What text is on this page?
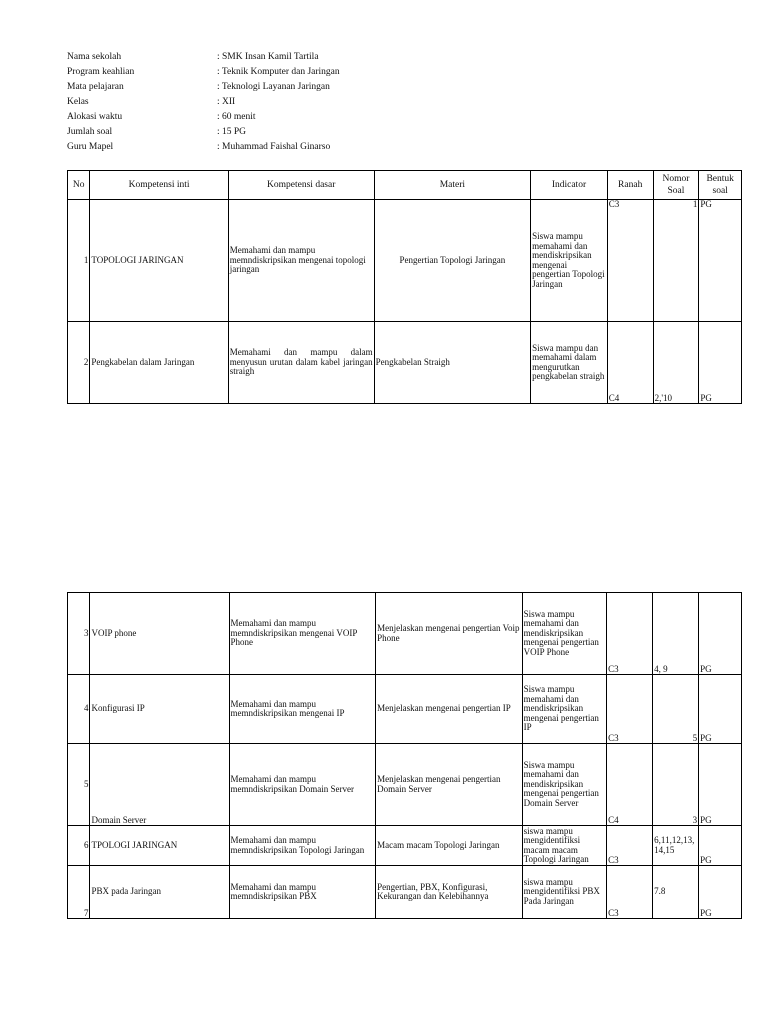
Nama sekolah	: SMK Insan Kamil Tartila
Program keahlian	: Teknik Komputer dan Jaringan
Mata pelajaran	: Teknologi Layanan Jaringan
Kelas	: XII
Alokasi waktu	: 60 menit
Jumlah soal	: 15 PG
Guru Mapel	: Muhammad Faishal Ginarso
No	Kompetensi inti	Kompetensi dasar	Materi	Indicator	Ranah	Nomor Soal	Bentuk soal
1	TOPOLOGI JARINGAN	Memahami dan mampu memndiskripsikan mengenai topologi jaringan	Pengertian Topologi Jaringan	Siswa mampu memahami dan mendiskripsikan mengenai pengertian Topologi Jaringan	C3	1	PG
2	Pengkabelan dalam Jaringan	Memahami dan mampu dalam menyusun urutan dalam kabel jaringan straigh	Pengkabelan Straigh	Siswa mampu dan memahami dalam mengurutkan pengkabelan straigh	C4	2,'10	PG
3	VOIP phone	Memahami dan mampu memndiskripsikan mengenai VOIP Phone	Menjelaskan mengenai pengertian Voip Phone	Siswa mampu memahami dan mendiskripsikan mengenai pengertian VOIP Phone	C3	4, 9	PG
4	Konfigurasi IP	Memahami dan mampu memndiskripsikan mengenai IP	Menjelaskan mengenai pengertian IP	Siswa mampu memahami dan mendiskripsikan mengenai pengertian IP	C3	5	PG
5	Domain Server	Memahami dan mampu memndiskripsikan Domain Server	Menjelaskan mengenai pengertian Domain Server	Siswa mampu memahami dan mendiskripsikan mengenai pengertian Domain Server	C4	3	PG
6	TPOLOGI JARINGAN	Memahami dan mampu memndiskripsikan Topologi Jaringan	Macam macam Topologi Jaringan	siswa mampu mengidentifiksi macam macam Topologi Jaringan	C3	6,11,12,13,14,15	PG
7	PBX pada Jaringan	Memahami dan mampu memndiskripsikan PBX	Pengertian, PBX, Konfigurasi, Kekurangan dan Kelebihannya	siswa mampu mengidentifiksi PBX Pada Jaringan	C3	7.8	PG
